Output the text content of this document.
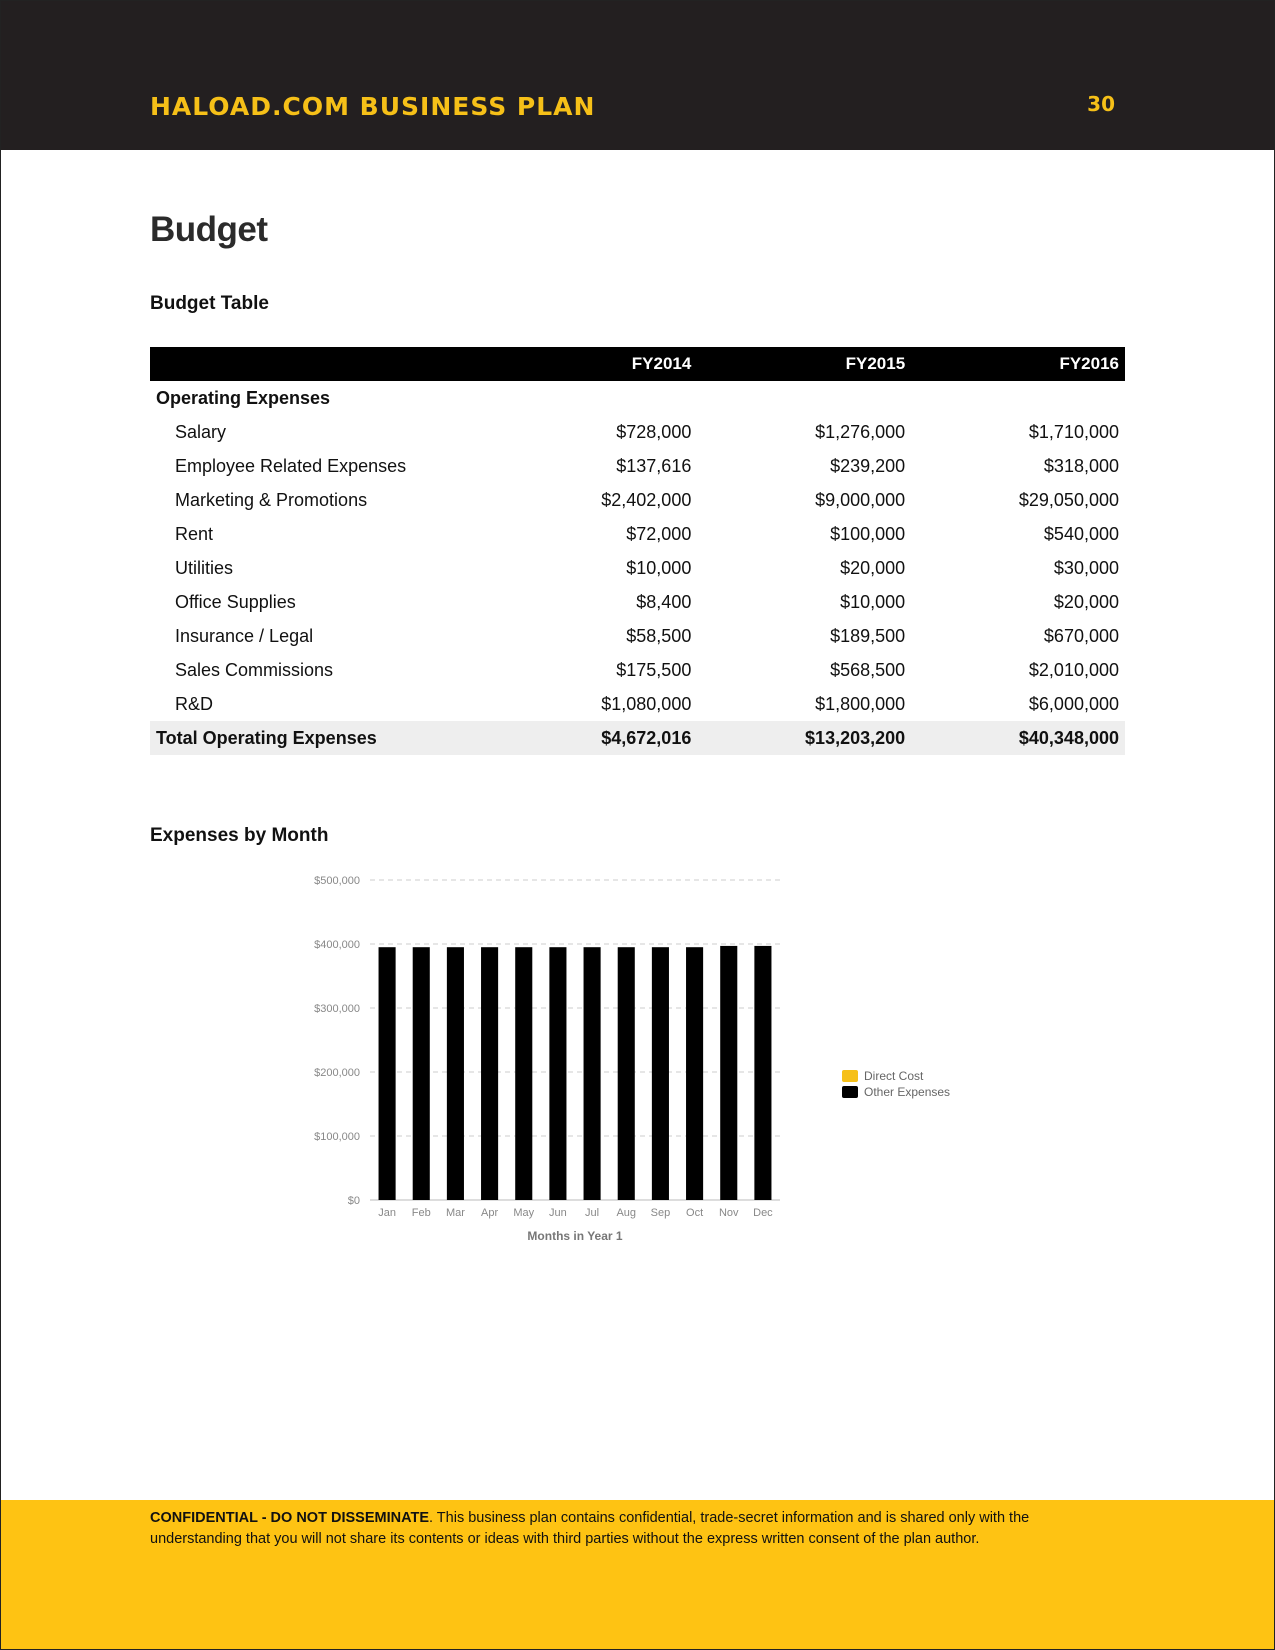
HALOAD.COM BUSINESS PLAN	30
Budget
Budget Table
	FY2014	FY2015	FY2016
Operating Expenses			
Salary	$728,000	$1,276,000	$1,710,000
Employee Related Expenses	$137,616	$239,200	$318,000
Marketing & Promotions	$2,402,000	$9,000,000	$29,050,000
Rent	$72,000	$100,000	$540,000
Utilities	$10,000	$20,000	$30,000
Office Supplies	$8,400	$10,000	$20,000
Insurance / Legal	$58,500	$189,500	$670,000
Sales Commissions	$175,500	$568,500	$2,010,000
R&D	$1,080,000	$1,800,000	$6,000,000
Total Operating Expenses	$4,672,016	$13,203,200	$40,348,000
Expenses by Month
$0
$100,000
$200,000
$300,000
$400,000
$500,000
Jan Feb Mar Apr May Jun Jul Aug Sep Oct Nov Dec
Months in Year 1
Direct Cost
Other Expenses
CONFIDENTIAL - DO NOT DISSEMINATE. This business plan contains confidential, trade-secret information and is shared only with the understanding that you will not share its contents or ideas with third parties without the express written consent of the plan author.
